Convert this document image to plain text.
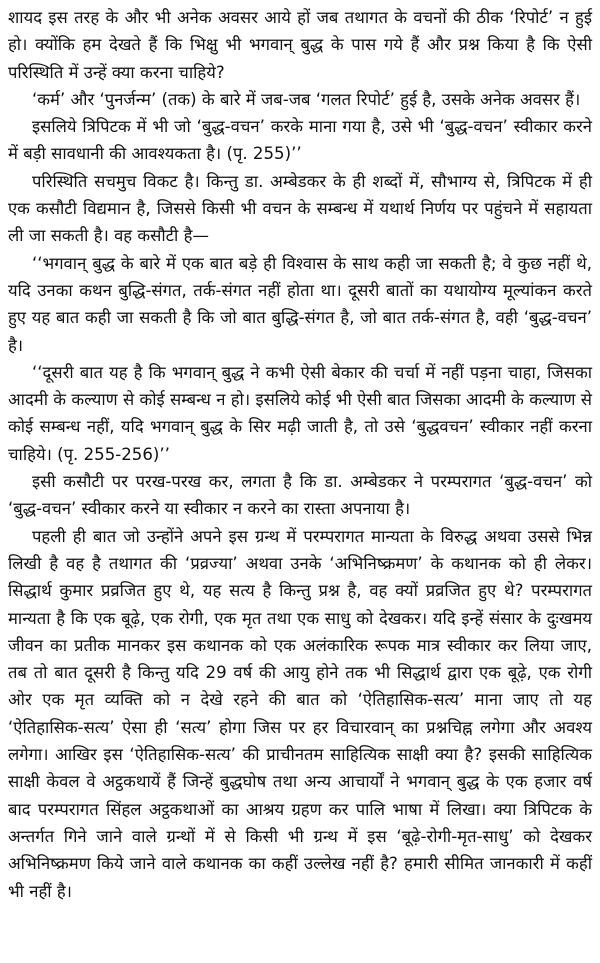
शायद इस तरह के और भी अनेक अवसर आये हों जब तथागत के वचनों की ठीक ‘रिपोर्ट’ न हुई हो। क्योंकि हम देखते हैं कि भिक्षु भी भगवान् बुद्ध के पास गये हैं और प्रश्न किया है कि ऐसी परिस्थिति में उन्हें क्या करना चाहिये?

‘कर्म’ और ‘पुनर्जन्म’ (तक) के बारे में जब-जब ‘गलत रिपोर्ट’ हुई है, उसके अनेक अवसर हैं।

इसलिये त्रिपिटक में भी जो ‘बुद्ध-वचन’ करके माना गया है, उसे भी ‘बुद्ध-वचन’ स्वीकार करने में बड़ी सावधानी की आवश्यकता है। (पृ. 255)’’

परिस्थिति सचमुच विकट है। किन्तु डा. अम्बेडकर के ही शब्दों में, सौभाग्य से, त्रिपिटक में ही एक कसौटी विद्यमान है, जिससे किसी भी वचन के सम्बन्ध में यथार्थ निर्णय पर पहुंचने में सहायता ली जा सकती है। वह कसौटी है—

‘‘भगवान् बुद्ध के बारे में एक बात बड़े ही विश्वास के साथ कही जा सकती है; वे कुछ नहीं थे, यदि उनका कथन बुद्धि-संगत, तर्क-संगत नहीं होता था। दूसरी बातों का यथायोग्य मूल्यांकन करते हुए यह बात कही जा सकती है कि जो बात बुद्धि-संगत है, जो बात तर्क-संगत है, वही ‘बुद्ध-वचन’ है।

‘‘दूसरी बात यह है कि भगवान् बुद्ध ने कभी ऐसी बेकार की चर्चा में नहीं पड़ना चाहा, जिसका आदमी के कल्याण से कोई सम्बन्ध न हो। इसलिये कोई भी ऐसी बात जिसका आदमी के कल्याण से कोई सम्बन्ध नहीं, यदि भगवान् बुद्ध के सिर मढ़ी जाती है, तो उसे ‘बुद्धवचन’ स्वीकार नहीं करना चाहिये। (पृ. 255-256)’’

इसी कसौटी पर परख-परख कर, लगता है कि डा. अम्बेडकर ने परम्परागत ‘बुद्ध-वचन’ को ‘बुद्ध-वचन’ स्वीकार करने या स्वीकार न करने का रास्ता अपनाया है।

पहली ही बात जो उन्होंने अपने इस ग्रन्थ में परम्परागत मान्यता के विरुद्ध अथवा उससे भिन्न लिखी है वह है तथागत की ‘प्रव्रज्या’ अथवा उनके ‘अभिनिष्क्रमण’ के कथानक को ही लेकर। सिद्धार्थ कुमार प्रव्रजित हुए थे, यह सत्य है किन्तु प्रश्न है, वह क्यों प्रव्रजित हुए थे? परम्परागत मान्यता है कि एक बूढ़े, एक रोगी, एक मृत तथा एक साधु को देखकर। यदि इन्हें संसार के दुःखमय जीवन का प्रतीक मानकर इस कथानक को एक अलंकारिक रूपक मात्र स्वीकार कर लिया जाए, तब तो बात दूसरी है किन्तु यदि 29 वर्ष की आयु होने तक भी सिद्धार्थ द्वारा एक बूढ़े, एक रोगी ओर एक मृत व्यक्ति को न देखे रहने की बात को ‘ऐतिहासिक-सत्य’ माना जाए तो यह ‘ऐतिहासिक-सत्य’ ऐसा ही ‘सत्य’ होगा जिस पर हर विचारवान् का प्रश्नचिह्न लगेगा और अवश्य लगेगा। आखिर इस ‘ऐतिहासिक-सत्य’ की प्राचीनतम साहित्यिक साक्षी क्या है? इसकी साहित्यिक साक्षी केवल वे अट्ठकथायें हैं जिन्हें बुद्धघोष तथा अन्य आचार्यों ने भगवान् बुद्ध के एक हजार वर्ष बाद परम्परागत सिंहल अट्ठकथाओं का आश्रय ग्रहण कर पालि भाषा में लिखा। क्या त्रिपिटक के अन्तर्गत गिने जाने वाले ग्रन्थों में से किसी भी ग्रन्थ में इस ‘बूढ़े-रोगी-मृत-साधु’ को देखकर अभिनिष्क्रमण किये जाने वाले कथानक का कहीं उल्लेख नहीं है? हमारी सीमित जानकारी में कहीं भी नहीं है।
